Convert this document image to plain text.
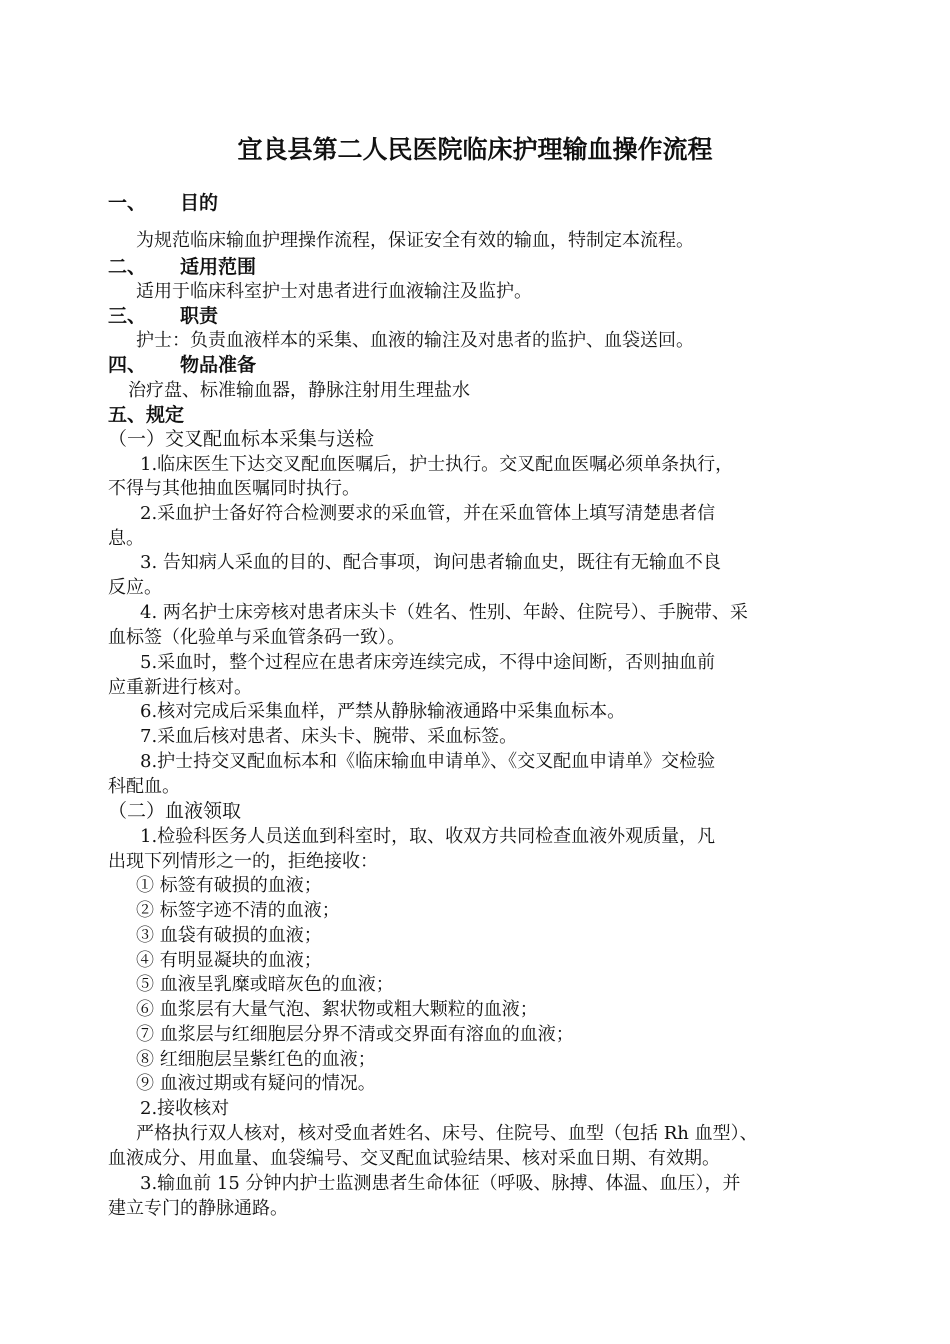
宜良县第二人民医院临床护理输血操作流程
一、 目的
为规范临床输血护理操作流程，保证安全有效的输血，特制定本流程。
二、 适用范围
适用于临床科室护士对患者进行血液输注及监护。
三、 职责
护士：负责血液样本的采集、血液的输注及对患者的监护、血袋送回。
四、 物品准备
治疗盘、标准输血器，静脉注射用生理盐水
五、规定
（一）交叉配血标本采集与送检
1.临床医生下达交叉配血医嘱后，护士执行。交叉配血医嘱必须单条执行，
不得与其他抽血医嘱同时执行。
2.采血护士备好符合检测要求的采血管，并在采血管体上填写清楚患者信
息。
3. 告知病人采血的目的、配合事项，询问患者输血史，既往有无输血不良
反应。
4. 两名护士床旁核对患者床头卡（姓名、性别、年龄、住院号）、手腕带、采
血标签（化验单与采血管条码一致）。
5.采血时，整个过程应在患者床旁连续完成，不得中途间断，否则抽血前
应重新进行核对。
6.核对完成后采集血样，严禁从静脉输液通路中采集血标本。
7.采血后核对患者、床头卡、腕带、采血标签。
8.护士持交叉配血标本和《临床输血申请单》、《交叉配血申请单》交检验
科配血。
（二）血液领取
1.检验科医务人员送血到科室时，取、收双方共同检查血液外观质量，凡
出现下列情形之一的，拒绝接收：
① 标签有破损的血液；
② 标签字迹不清的血液；
③ 血袋有破损的血液；
④ 有明显凝块的血液；
⑤ 血液呈乳糜或暗灰色的血液；
⑥ 血浆层有大量气泡、絮状物或粗大颗粒的血液；
⑦ 血浆层与红细胞层分界不清或交界面有溶血的血液；
⑧ 红细胞层呈紫红色的血液；
⑨ 血液过期或有疑问的情况。
2.接收核对
严格执行双人核对，核对受血者姓名、床号、住院号、血型（包括 Rh 血型）、
血液成分、用血量、血袋编号、交叉配血试验结果、核对采血日期、有效期。
3.输血前 15 分钟内护士监测患者生命体征（呼吸、脉搏、体温、血压），并
建立专门的静脉通路。
